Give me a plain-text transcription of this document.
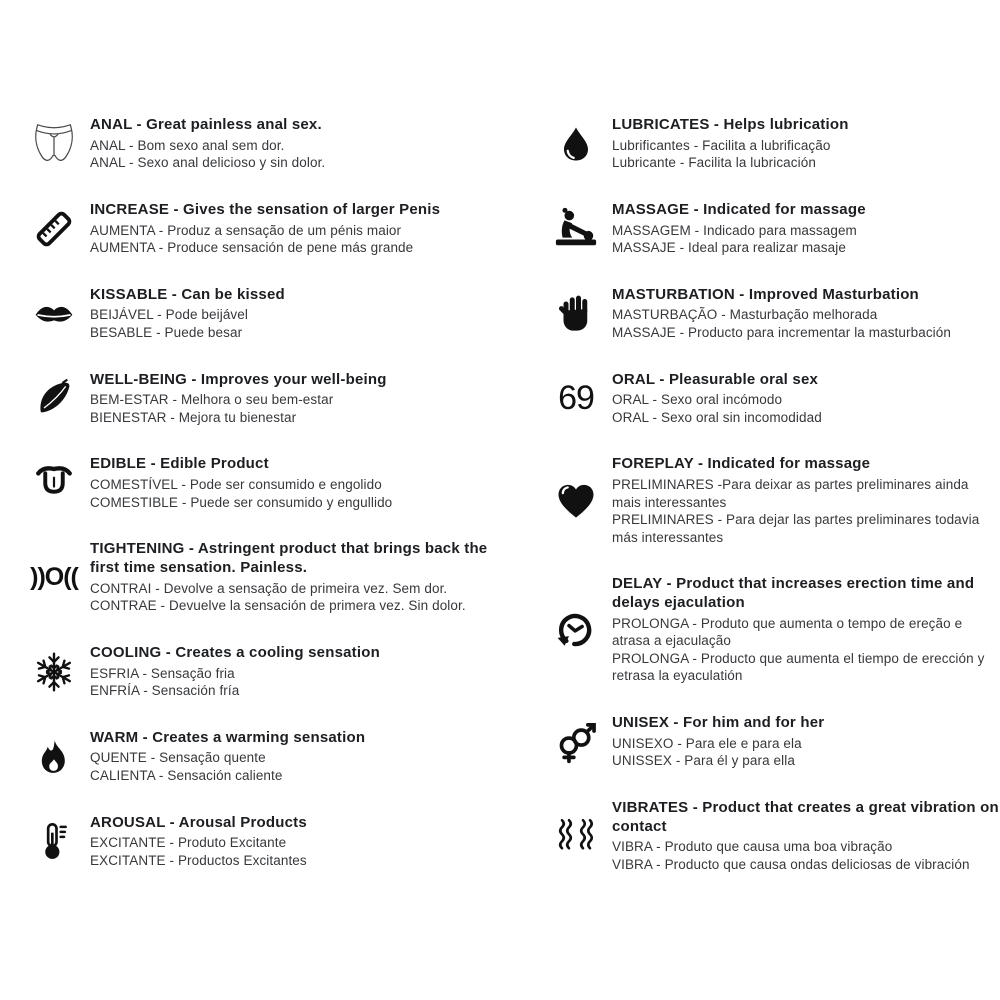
ANAL - Great painless anal sex.
ANAL - Bom sexo anal sem dor.
ANAL - Sexo anal delicioso y sin dolor.
INCREASE - Gives the sensation of larger Penis
AUMENTA - Produz a sensação de um pénis maior
AUMENTA - Produce sensación de pene más grande
KISSABLE - Can be kissed
BEIJÁVEL - Pode beijável
BESABLE - Puede besar
WELL-BEING - Improves your well-being
BEM-ESTAR - Melhora o seu bem-estar
BIENESTAR - Mejora tu bienestar
EDIBLE - Edible Product
COMESTÍVEL - Pode ser consumido e engolido
COMESTIBLE - Puede ser consumido y engullido
))O((
TIGHTENING - Astringent product that brings back the first time sensation. Painless.
CONTRAI - Devolve a sensação de primeira vez. Sem dor.
CONTRAE - Devuelve la sensación de primera vez. Sin dolor.
COOLING - Creates a cooling sensation
ESFRIA - Sensação fria
ENFRÍA - Sensación fría
WARM - Creates a warming sensation
QUENTE - Sensação quente
CALIENTA - Sensación caliente
AROUSAL - Arousal Products
EXCITANTE - Produto Excitante
EXCITANTE - Productos Excitantes
LUBRICATES - Helps lubrication
Lubrificantes - Facilita a lubrificação
Lubricante - Facilita la lubricación
MASSAGE - Indicated for massage
MASSAGEM - Indicado para massagem
MASSAJE - Ideal para realizar masaje
MASTURBATION - Improved Masturbation
MASTURBAÇÃO - Masturbação melhorada
MASSAJE - Producto para incrementar la masturbación
69 ORAL - Pleasurable oral sex
ORAL - Sexo oral incómodo
ORAL - Sexo oral sin incomodidad
FOREPLAY - Indicated for massage
PRELIMINARES -Para deixar as partes preliminares ainda mais interessantes
PRELIMINARES - Para dejar las partes preliminares todavia más interessantes
DELAY - Product that increases erection time and delays ejaculation
PROLONGA - Produto que aumenta o tempo de ereção e atrasa a ejaculação
PROLONGA - Producto que aumenta el tiempo de erección y retrasa la eyaculatión
UNISEX - For him and for her
UNISEXO - Para ele e para ela
UNISSEX - Para él y para ella
VIBRATES - Product that creates a great vibration on contact
VIBRA - Produto que causa uma boa vibração
VIBRA - Producto que causa ondas deliciosas de vibración
